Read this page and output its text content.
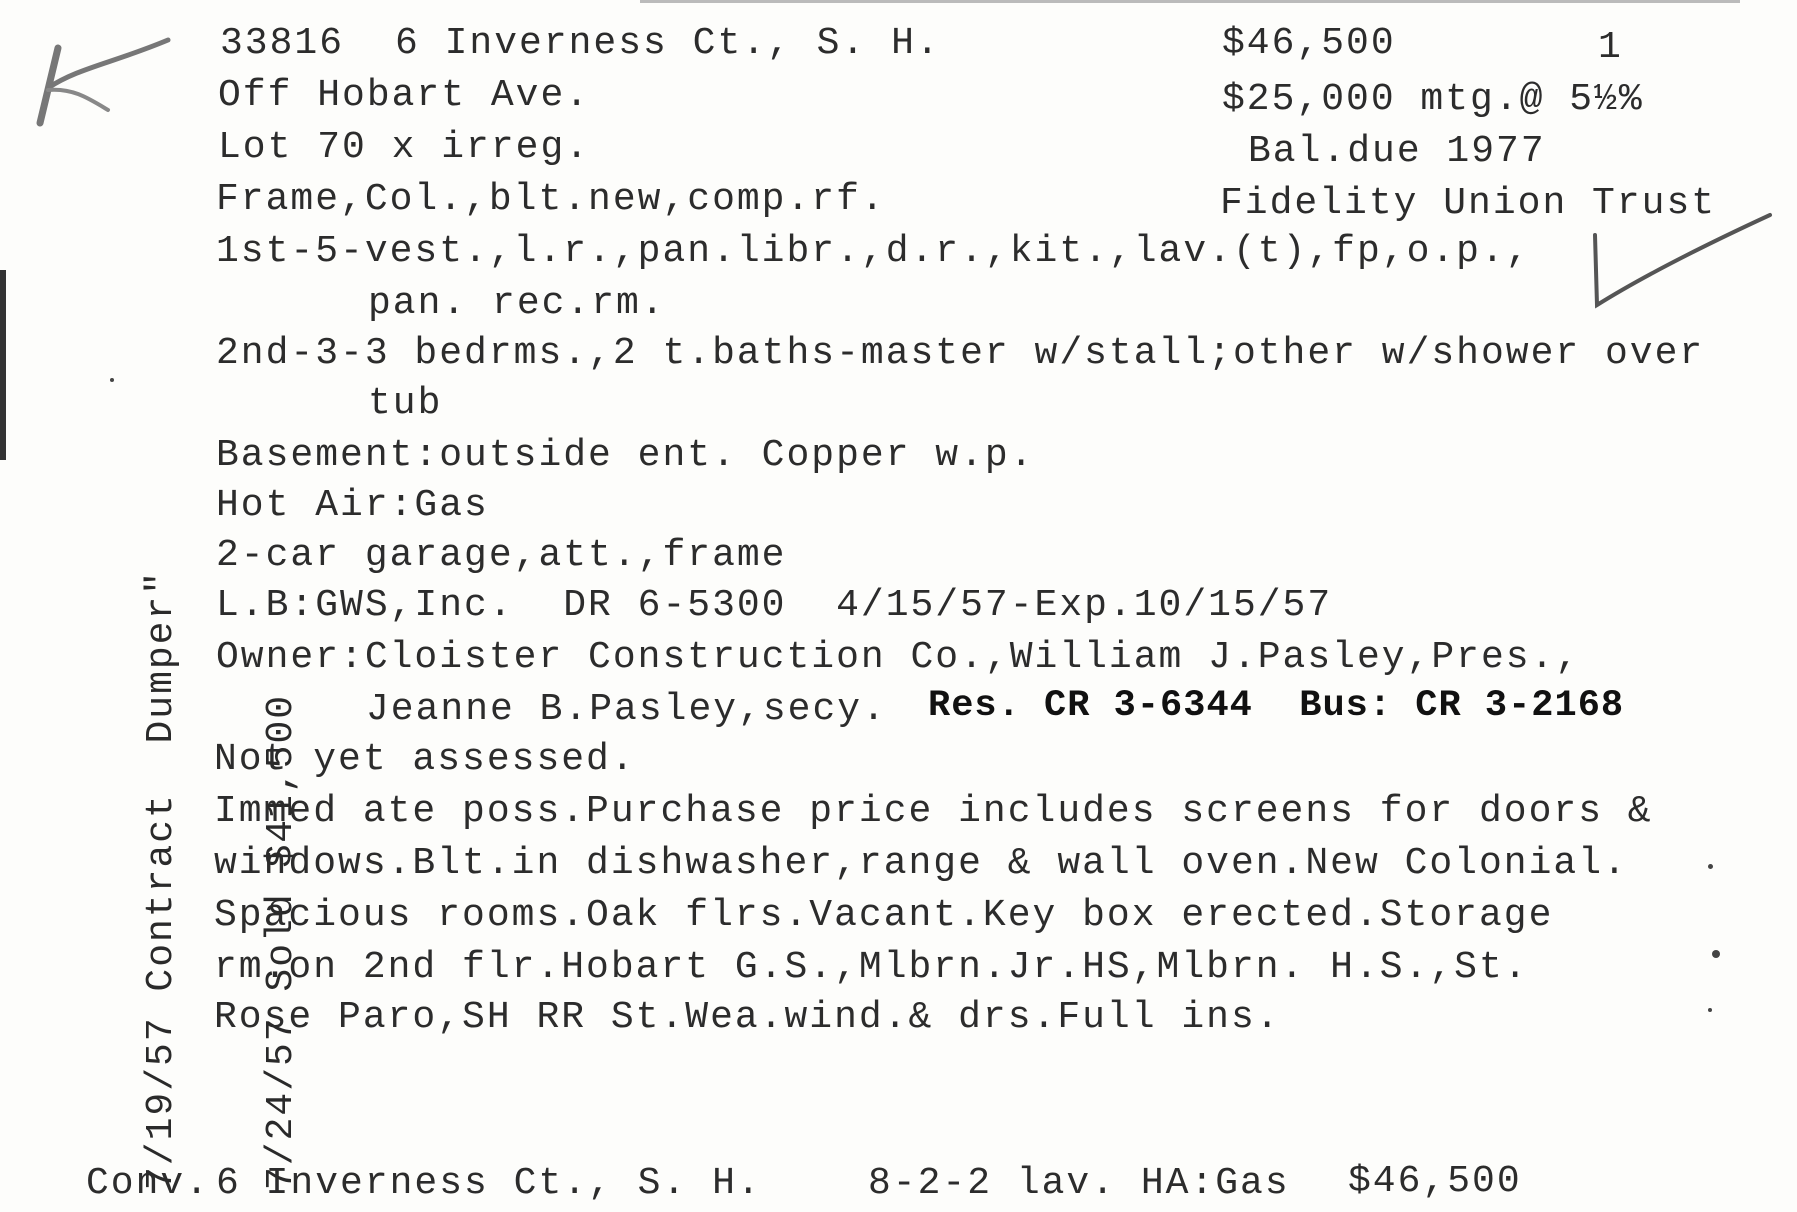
33816 6 Inverness Ct., S. H.	$46,500	1
Off Hobart Ave.	$25,000 mtg.@ 5½%
Lot 70 x irreg.	Bal.due 1977
Frame,Col.,blt.new,comp.rf.	Fidelity Union Trust
1st-5-vest.,l.r.,pan.libr.,d.r.,kit.,lav.(t),fp,o.p.,
pan. rec.rm.
2nd-3-3 bedrms.,2 t.baths-master w/stall;other w/shower over
tub
Basement:outside ent. Copper w.p.
Hot Air:Gas
2-car garage,att.,frame
L.B:GWS,Inc.  DR 6-5300  4/15/57-Exp.10/15/57
Owner:Cloister Construction Co.,William J.Pasley,Pres.,
Jeanne B.Pasley,secy. Res. CR 3-6344  Bus: CR 3-2168
Not yet assessed.
Immed ate poss.Purchase price includes screens for doors &
windows.Blt.in dishwasher,range & wall oven.New Colonial.
Spacious rooms.Oak flrs.Vacant.Key box erected.Storage
rm.on 2nd flr.Hobart G.S.,Mlbrn.Jr.HS,Mlbrn. H.S.,St.
Rose Paro,SH RR St.Wea.wind.& drs.Full ins.
Conv. 6 Inverness Ct., S. H.	8-2-2 lav. HA:Gas $46,500

7/19/57 Contract  Dumper"

7/24/57 Sold $41,500
